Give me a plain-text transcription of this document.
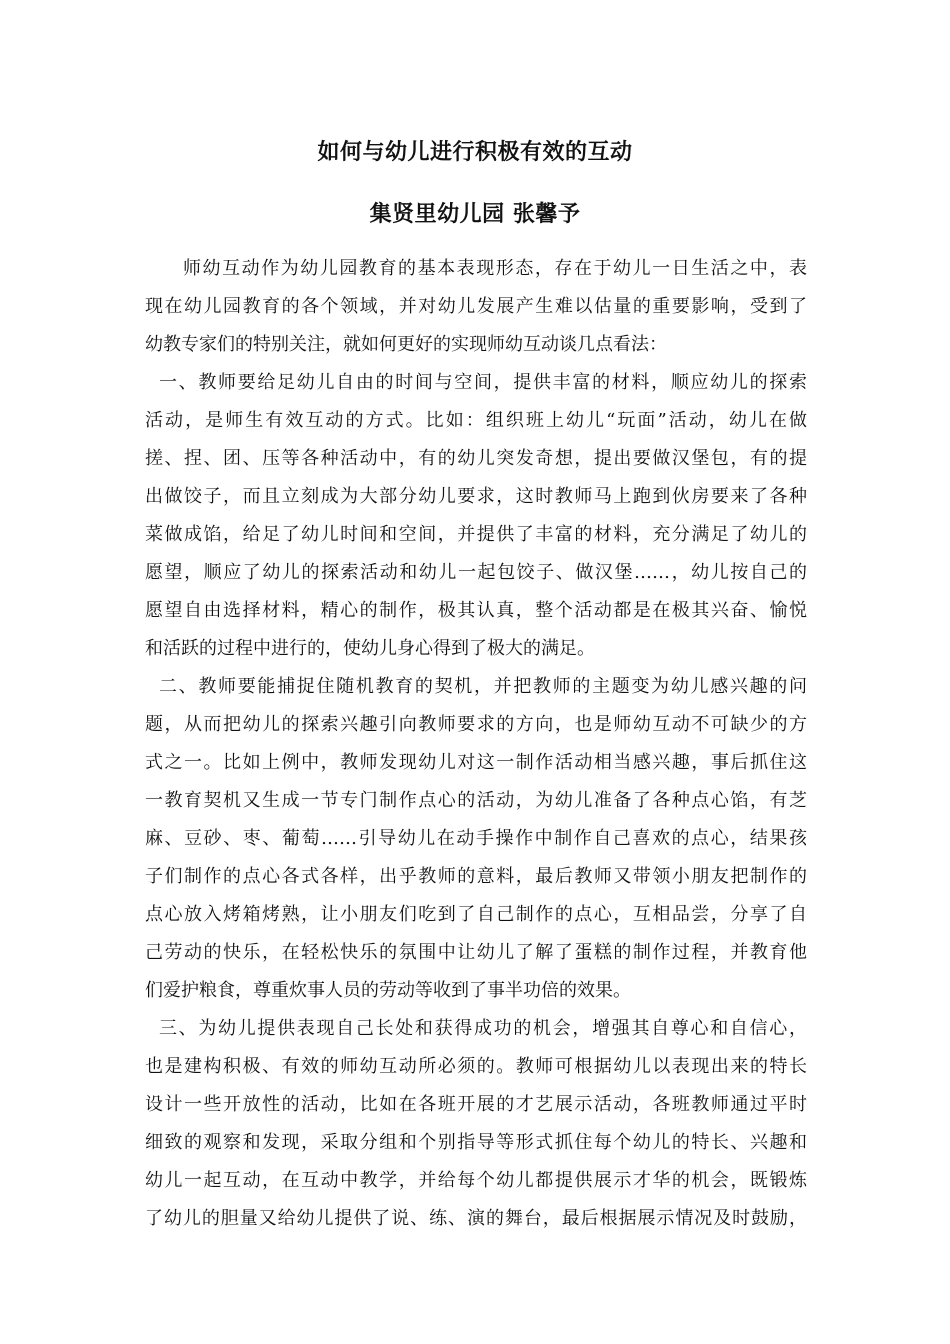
如何与幼儿进行积极有效的互动
集贤里幼儿园 张馨予
师幼互动作为幼儿园教育的基本表现形态，存在于幼儿一日生活之中，表
现在幼儿园教育的各个领域，并对幼儿发展产生难以估量的重要影响，受到了
幼教专家们的特别关注，就如何更好的实现师幼互动谈几点看法：
一、教师要给足幼儿自由的时间与空间，提供丰富的材料，顺应幼儿的探索
活动，是师生有效互动的方式。比如：组织班上幼儿“玩面”活动，幼儿在做
搓、捏、团、压等各种活动中，有的幼儿突发奇想，提出要做汉堡包，有的提
出做饺子，而且立刻成为大部分幼儿要求，这时教师马上跑到伙房要来了各种
菜做成馅，给足了幼儿时间和空间，并提供了丰富的材料，充分满足了幼儿的
愿望，顺应了幼儿的探索活动和幼儿一起包饺子、做汉堡……，幼儿按自己的
愿望自由选择材料，精心的制作，极其认真，整个活动都是在极其兴奋、愉悦
和活跃的过程中进行的，使幼儿身心得到了极大的满足。
二、教师要能捕捉住随机教育的契机，并把教师的主题变为幼儿感兴趣的问
题，从而把幼儿的探索兴趣引向教师要求的方向，也是师幼互动不可缺少的方
式之一。比如上例中，教师发现幼儿对这一制作活动相当感兴趣，事后抓住这
一教育契机又生成一节专门制作点心的活动，为幼儿准备了各种点心馅，有芝
麻、豆砂、枣、葡萄……引导幼儿在动手操作中制作自己喜欢的点心，结果孩
子们制作的点心各式各样，出乎教师的意料，最后教师又带领小朋友把制作的
点心放入烤箱烤熟，让小朋友们吃到了自己制作的点心，互相品尝，分享了自
己劳动的快乐，在轻松快乐的氛围中让幼儿了解了蛋糕的制作过程，并教育他
们爱护粮食，尊重炊事人员的劳动等收到了事半功倍的效果。
三、为幼儿提供表现自己长处和获得成功的机会，增强其自尊心和自信心，
也是建构积极、有效的师幼互动所必须的。教师可根据幼儿以表现出来的特长
设计一些开放性的活动，比如在各班开展的才艺展示活动，各班教师通过平时
细致的观察和发现，采取分组和个别指导等形式抓住每个幼儿的特长、兴趣和
幼儿一起互动，在互动中教学，并给每个幼儿都提供展示才华的机会，既锻炼
了幼儿的胆量又给幼儿提供了说、练、演的舞台，最后根据展示情况及时鼓励，
